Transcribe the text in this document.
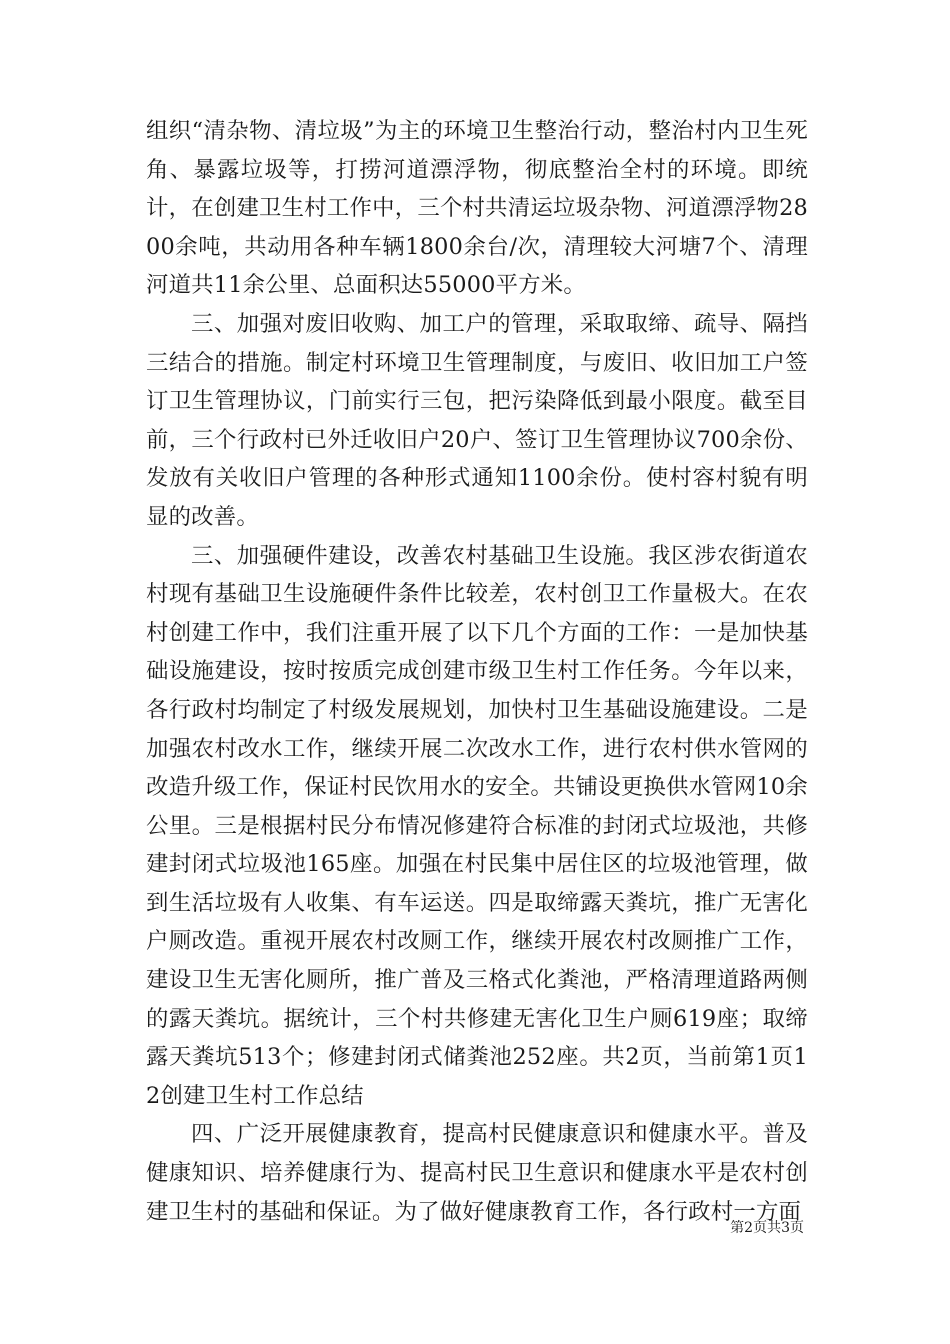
组织“清杂物、清垃圾”为主的环境卫生整治行动，整治村内卫生死角、暴露垃圾等，打捞河道漂浮物，彻底整治全村的环境。即统计，在创建卫生村工作中，三个村共清运垃圾杂物、河道漂浮物2800余吨，共动用各种车辆1800余台/次，清理较大河塘7个、清理河道共11余公里、总面积达55000平方米。

三、加强对废旧收购、加工户的管理，采取取缔、疏导、隔挡三结合的措施。制定村环境卫生管理制度，与废旧、收旧加工户签订卫生管理协议，门前实行三包，把污染降低到最小限度。截至目前，三个行政村已外迁收旧户20户、签订卫生管理协议700余份、发放有关收旧户管理的各种形式通知1100余份。使村容村貌有明显的改善。

三、加强硬件建设，改善农村基础卫生设施。我区涉农街道农村现有基础卫生设施硬件条件比较差，农村创卫工作量极大。在农村创建工作中，我们注重开展了以下几个方面的工作：一是加快基础设施建设，按时按质完成创建市级卫生村工作任务。今年以来，各行政村均制定了村级发展规划，加快村卫生基础设施建设。二是加强农村改水工作，继续开展二次改水工作，进行农村供水管网的改造升级工作，保证村民饮用水的安全。共铺设更换供水管网10余公里。三是根据村民分布情况修建符合标准的封闭式垃圾池，共修建封闭式垃圾池165座。加强在村民集中居住区的垃圾池管理，做到生活垃圾有人收集、有车运送。四是取缔露天粪坑，推广无害化户厕改造。重视开展农村改厕工作，继续开展农村改厕推广工作，建设卫生无害化厕所，推广普及三格式化粪池，严格清理道路两侧的露天粪坑。据统计，三个村共修建无害化卫生户厕619座；取缔露天粪坑513个；修建封闭式储粪池252座。共2页，当前第1页12创建卫生村工作总结

四、广泛开展健康教育，提高村民健康意识和健康水平。普及健康知识、培养健康行为、提高村民卫生意识和健康水平是农村创建卫生村的基础和保证。为了做好健康教育工作，各行政村一方面

第2页共3页
